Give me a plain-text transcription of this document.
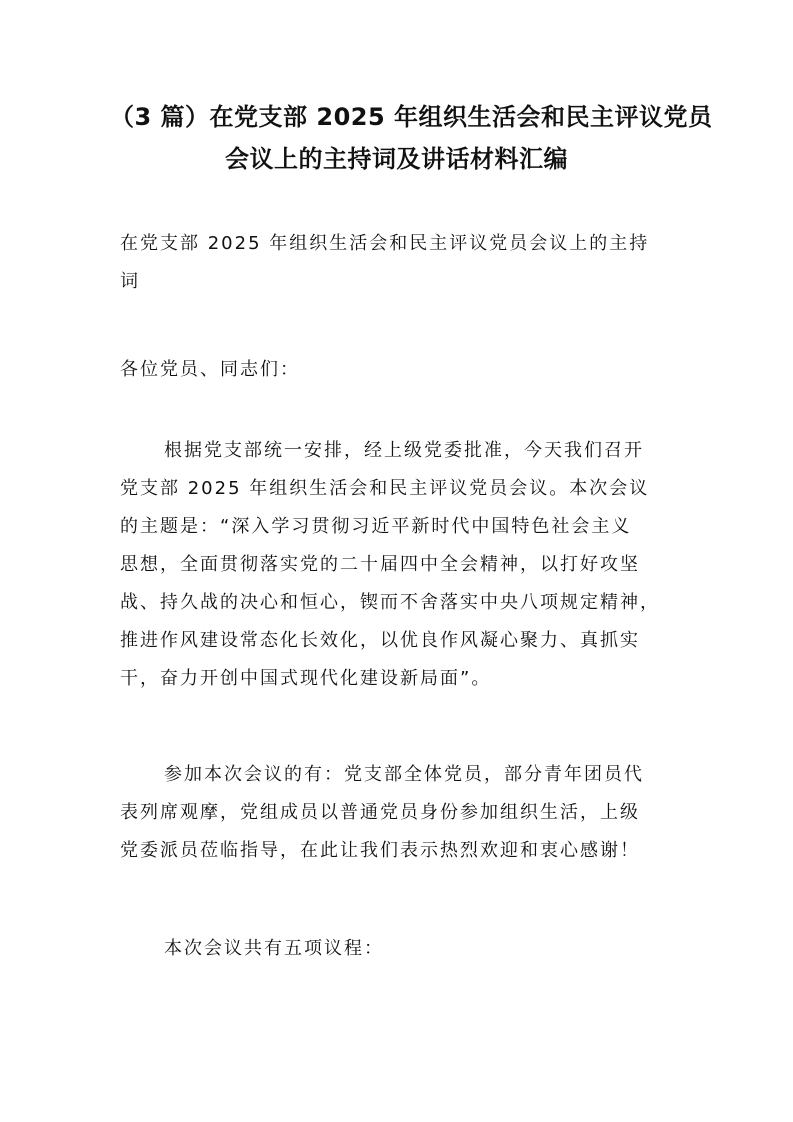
（3 篇）在党支部 2025 年组织生活会和民主评议党员
会议上的主持词及讲话材料汇编
在党支部 2025 年组织生活会和民主评议党员会议上的主持
词
各位党员、同志们：
根据党支部统一安排，经上级党委批准，今天我们召开
党支部 2025 年组织生活会和民主评议党员会议。本次会议
的主题是：“深入学习贯彻习近平新时代中国特色社会主义
思想，全面贯彻落实党的二十届四中全会精神，以打好攻坚
战、持久战的决心和恒心，锲而不舍落实中央八项规定精神，
推进作风建设常态化长效化，以优良作风凝心聚力、真抓实
干，奋力开创中国式现代化建设新局面”。
参加本次会议的有：党支部全体党员，部分青年团员代
表列席观摩，党组成员以普通党员身份参加组织生活，上级
党委派员莅临指导，在此让我们表示热烈欢迎和衷心感谢！
本次会议共有五项议程：
